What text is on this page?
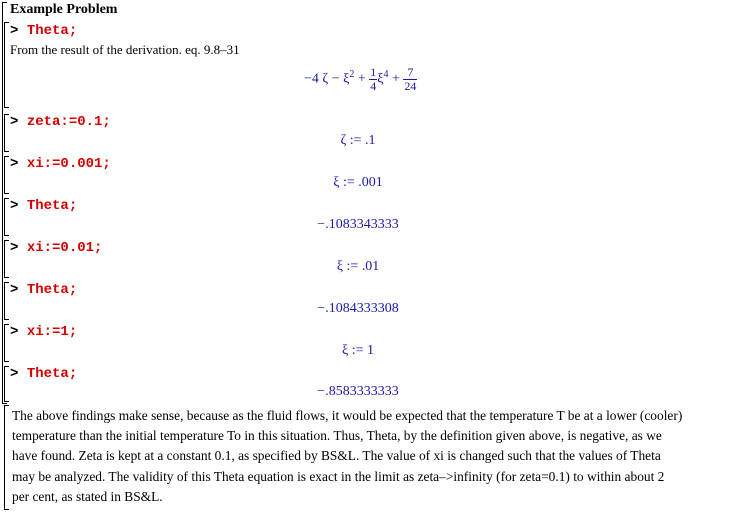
Example Problem
> Theta;
From the result of the derivation. eq. 9.8–31
−4 $\zeta - \xi^2 + \frac{1}{4} \xi^4 + \frac{7}{24}$
> zeta:=0.1;
ζ := .1
> xi:=0.001;
ξ := .001
> Theta;
−.1083343333
> xi:=0.01;
ξ := .01
> Theta;
−.1084333308
> xi:=1;
ξ := 1
> Theta;
−.8583333333
The above findings make sense, because as the fluid flows, it would be expected that the temperature T be at a lower (cooler)
temperature than the initial temperature To in this situation. Thus, Theta, by the definition given above, is negative, as we
have found. Zeta is kept at a constant 0.1, as specified by BS&L. The value of xi is changed such that the values of Theta
may be analyzed. The validity of this Theta equation is exact in the limit as zeta–>infinity (for zeta=0.1) to within about 2
per cent, as stated in BS&L.
